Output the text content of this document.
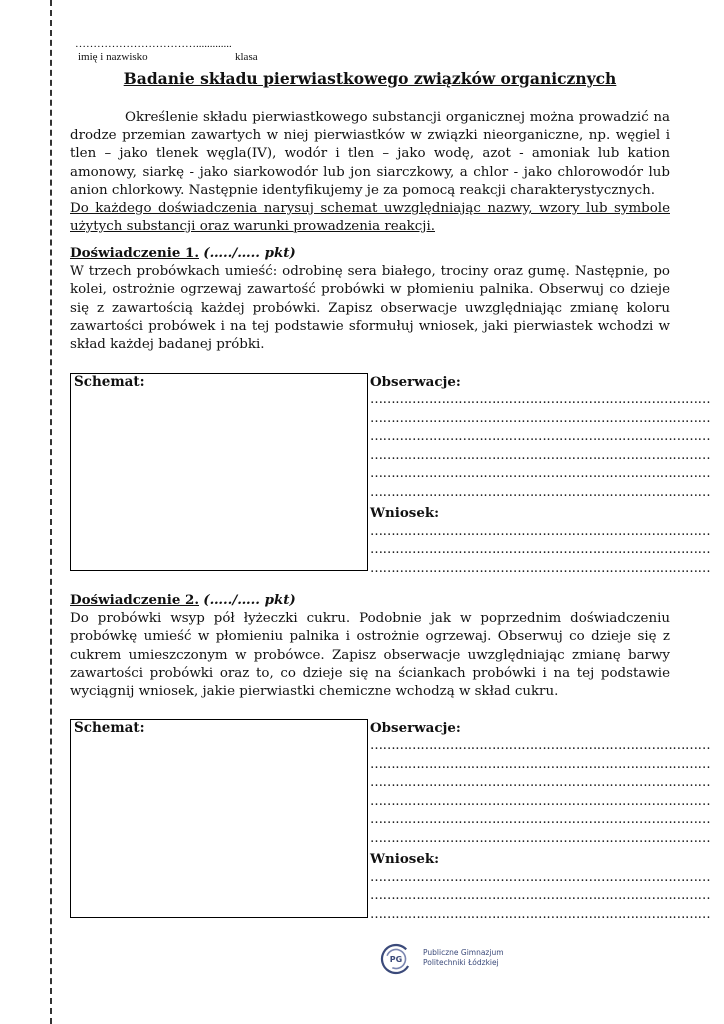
…………………………….............
imię i nazwisko	klasa
Badanie składu pierwiastkowego związków organicznych

Określenie składu pierwiastkowego substancji organicznej można prowadzić na drodze przemian zawartych w niej pierwiastków w związki nieorganiczne, np. węgiel i tlen – jako tlenek węgla(IV), wodór i tlen – jako wodę, azot - amoniak lub kation amonowy, siarkę - jako siarkowodór lub jon siarczkowy, a chlor - jako chlorowodór lub anion chlorkowy. Następnie identyfikujemy je za pomocą reakcji charakterystycznych.

Do każdego doświadczenia narysuj schemat uwzględniając nazwy, wzory lub symbole użytych substancji oraz warunki prowadzenia reakcji.

Doświadczenie 1. (…../….. pkt)

W trzech probówkach umieść: odrobinę sera białego, trociny oraz gumę. Następnie, po kolei, ostrożnie ogrzewaj zawartość probówki w płomieniu palnika. Obserwuj co dzieje się z zawartością każdej probówki. Zapisz obserwacje uwzględniając zmianę koloru zawartości probówek i na tej podstawie sformułuj wniosek, jaki pierwiastek wchodzi w skład każdej badanej próbki.

Schemat:	Obserwacje:
………………………………………………………………………
………………………………………………………………………
………………………………………………………………………
………………………………………………………………………
………………………………………………………………………
………………………………………………………………………
Wniosek:
………………………………………………………………………
………………………………………………………………………
………………………………………………………………………
Doświadczenie 2. (…../….. pkt)

Do probówki wsyp pół łyżeczki cukru. Podobnie jak w poprzednim doświadczeniu probówkę umieść w płomieniu palnika i ostrożnie ogrzewaj. Obserwuj co dzieje się z cukrem umieszczonym w probówce. Zapisz obserwacje uwzględniając zmianę barwy zawartości probówki oraz to, co dzieje się na ściankach probówki i na tej podstawie wyciągnij wniosek, jakie pierwiastki chemiczne wchodzą w skład cukru.

Schemat:	Obserwacje:
………………………………………………………………………
………………………………………………………………………
………………………………………………………………………
………………………………………………………………………
………………………………………………………………………
………………………………………………………………………
Wniosek:
………………………………………………………………………
………………………………………………………………………
………………………………………………………………………
PG
Publiczne Gimnazjum
Politechniki Łódzkiej
